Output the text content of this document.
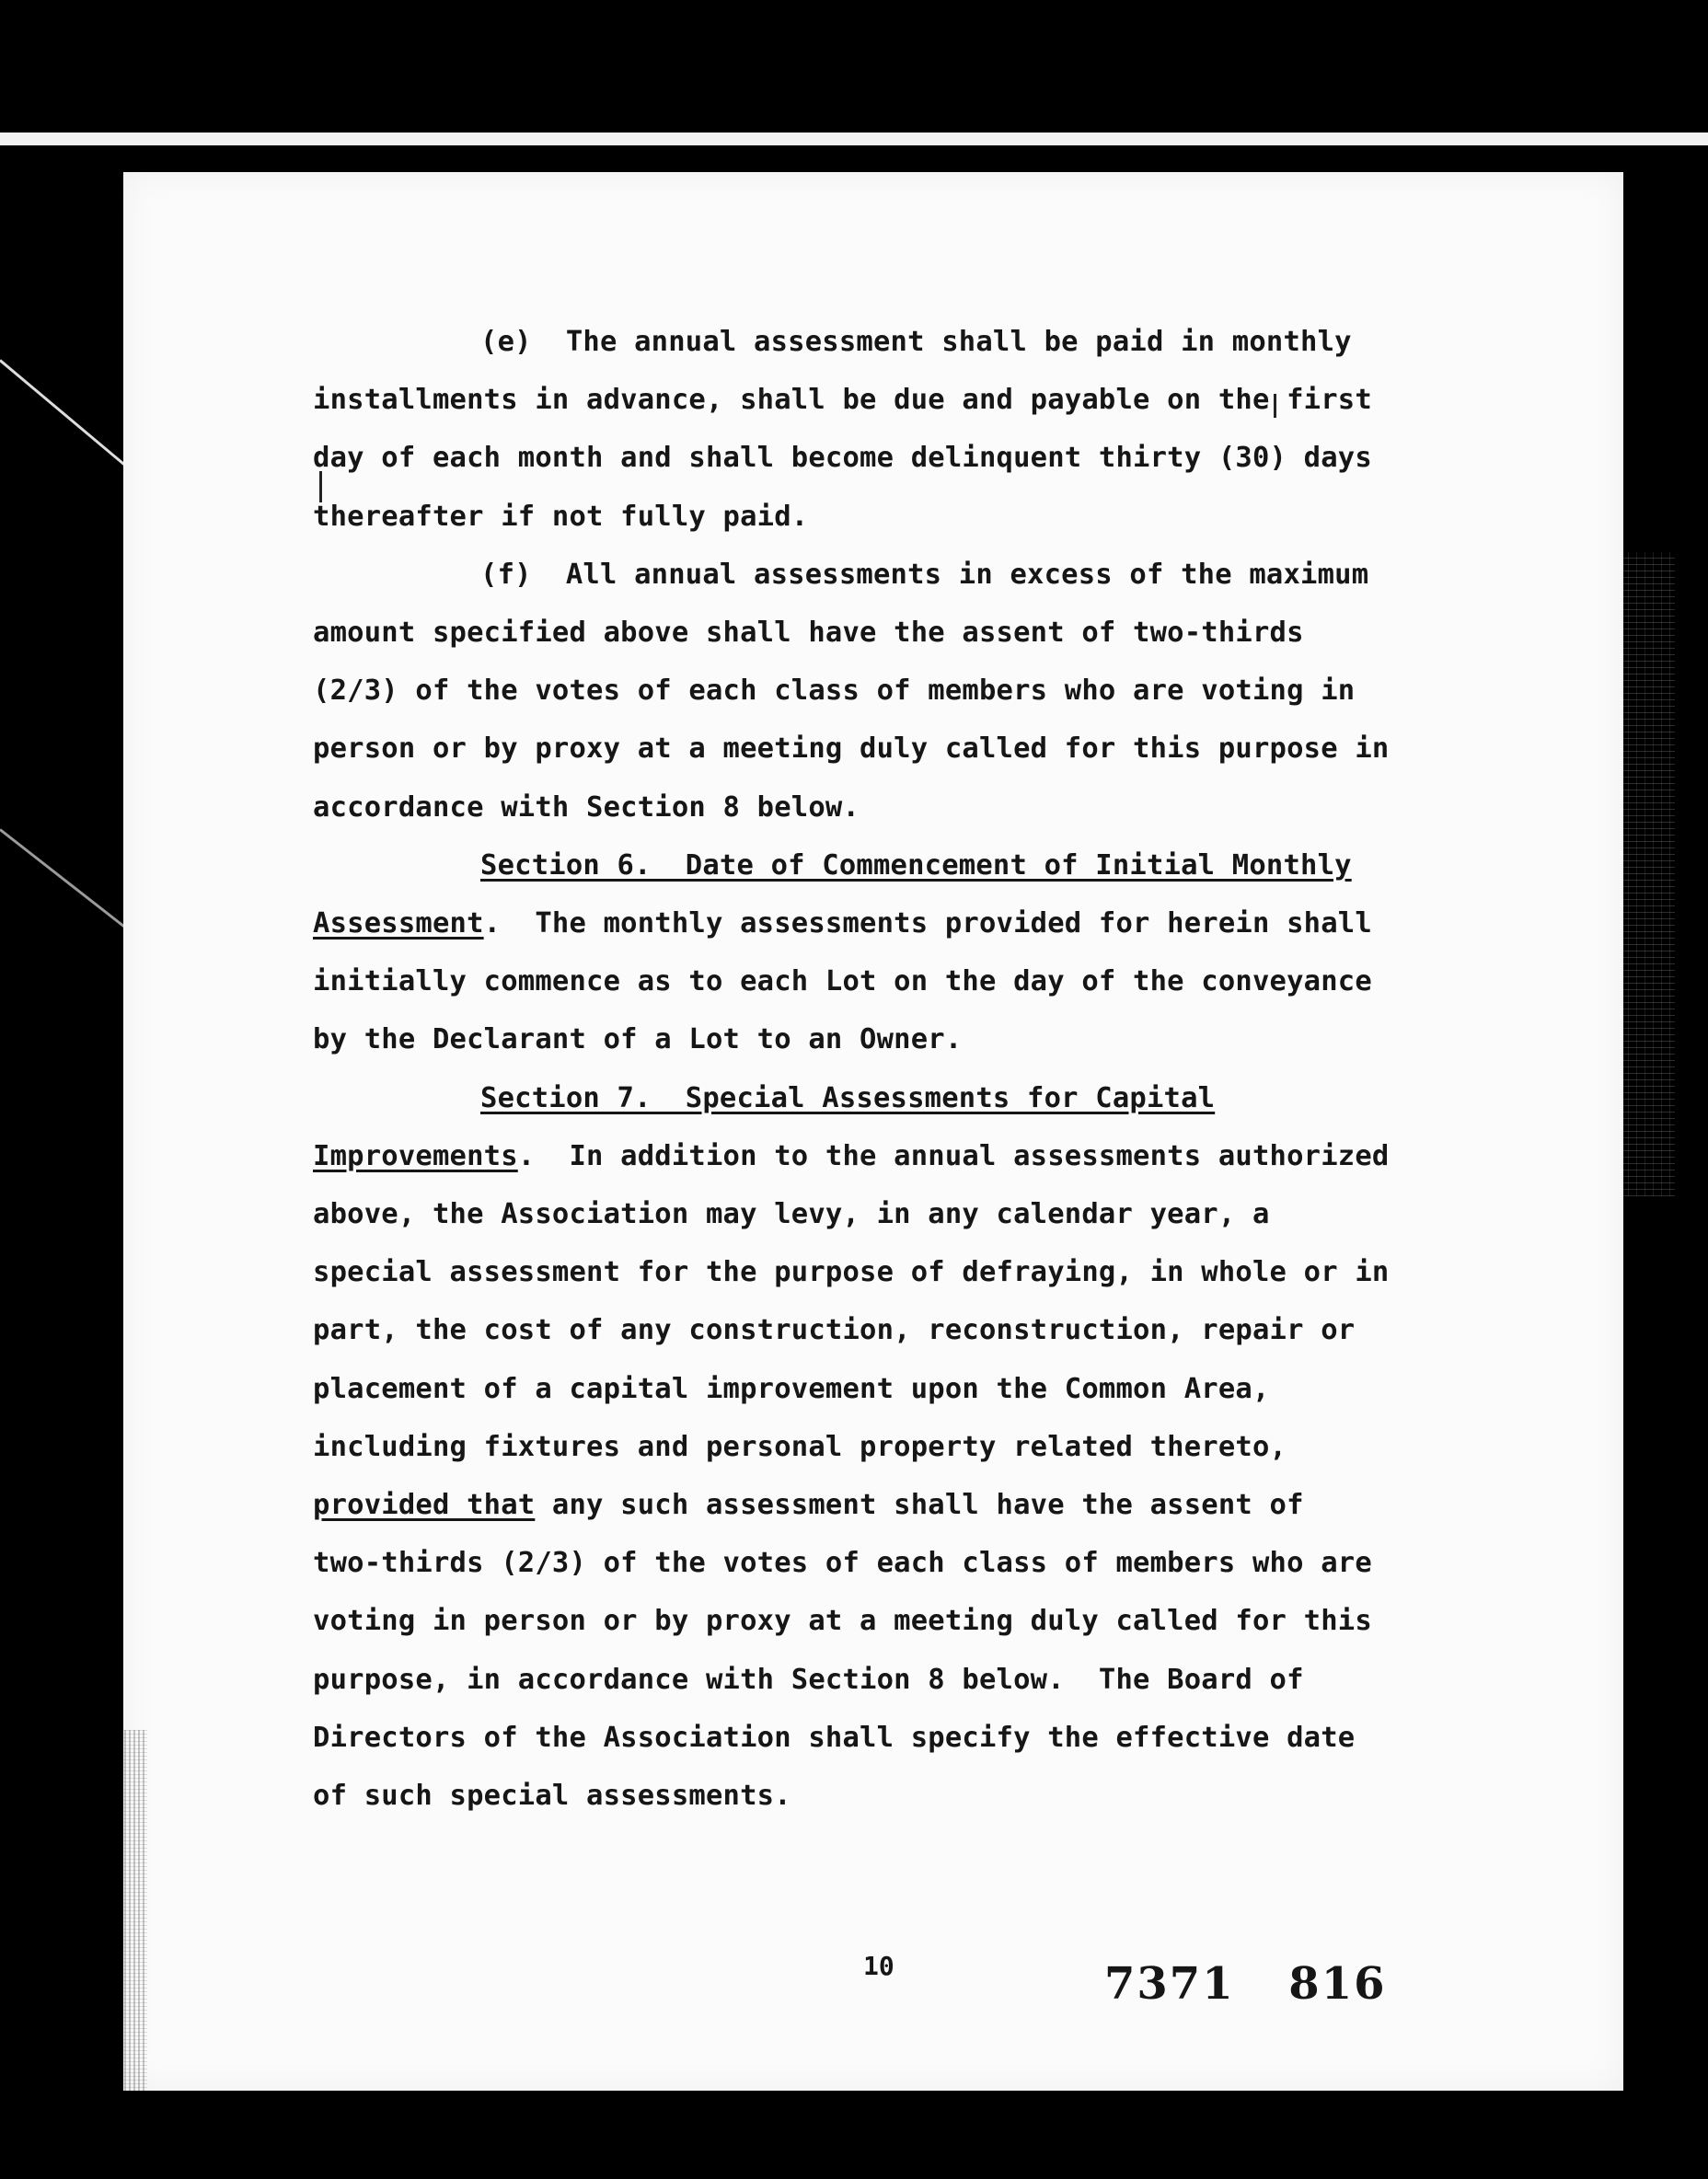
(e)  The annual assessment shall be paid in monthly

installments in advance, shall be due and payable on the first

day of each month and shall become delinquent thirty (30) days

thereafter if not fully paid.

(f)  All annual assessments in excess of the maximum

amount specified above shall have the assent of two-thirds

(2/3) of the votes of each class of members who are voting in

person or by proxy at a meeting duly called for this purpose in

accordance with Section 8 below.

Section 6.  Date of Commencement of Initial Monthly

Assessment.  The monthly assessments provided for herein shall

initially commence as to each Lot on the day of the conveyance

by the Declarant of a Lot to an Owner.

Section 7.  Special Assessments for Capital

Improvements.  In addition to the annual assessments authorized

above, the Association may levy, in any calendar year, a

special assessment for the purpose of defraying, in whole or in

part, the cost of any construction, reconstruction, repair or

placement of a capital improvement upon the Common Area,

including fixtures and personal property related thereto,

provided that any such assessment shall have the assent of

two-thirds (2/3) of the votes of each class of members who are

voting in person or by proxy at a meeting duly called for this

purpose, in accordance with Section 8 below.  The Board of

Directors of the Association shall specify the effective date

of such special assessments.

10	7371 816
